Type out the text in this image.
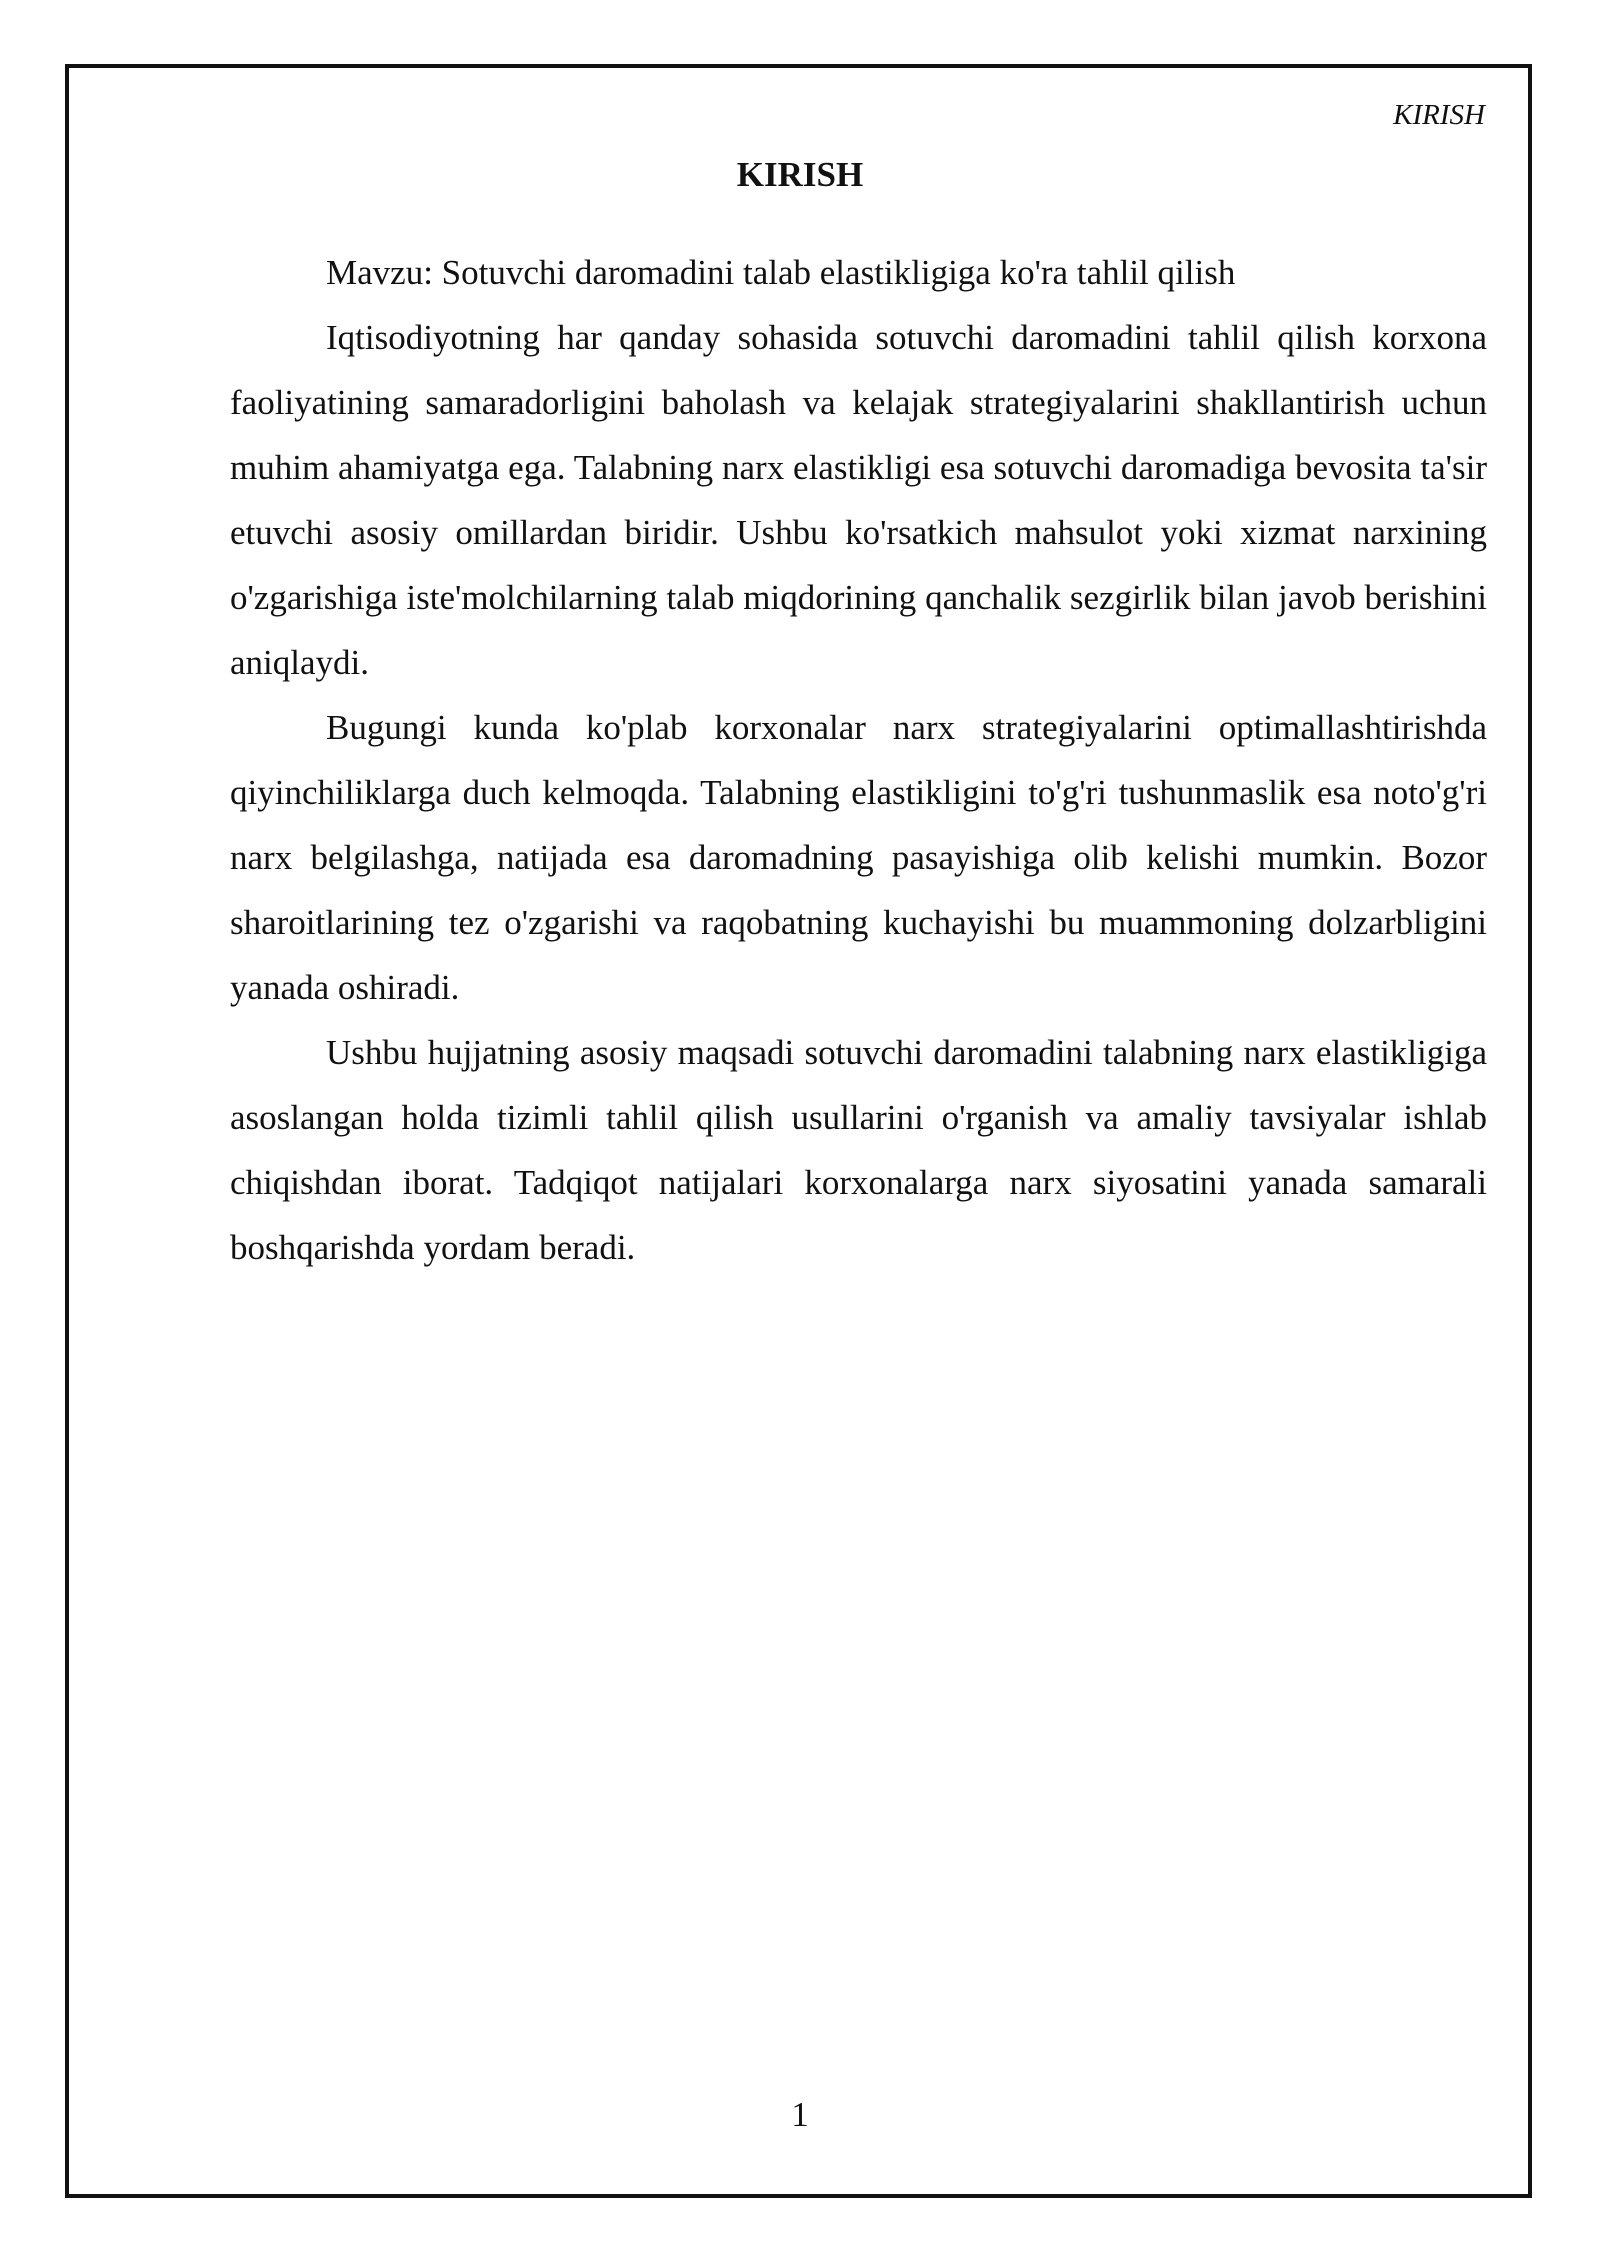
KIRISH
KIRISH

Mavzu: Sotuvchi daromadini talab elastikligiga ko'ra tahlil qilish

Iqtisodiyotning har qanday sohasida sotuvchi daromadini tahlil qilish korxona faoliyatining samaradorligini baholash va kelajak strategiyalarini shakllantirish uchun muhim ahamiyatga ega. Talabning narx elastikligi esa sotuvchi daromadiga bevosita ta'sir etuvchi asosiy omillardan biridir. Ushbu ko'rsatkich mahsulot yoki xizmat narxining o'zgarishiga iste'molchilarning talab miqdorining qanchalik sezgirlik bilan javob berishini aniqlaydi.

Bugungi kunda ko'plab korxonalar narx strategiyalarini optimallashtirishda qiyinchiliklarga duch kelmoqda. Talabning elastikligini to'g'ri tushunmaslik esa noto'g'ri narx belgilashga, natijada esa daromadning pasayishiga olib kelishi mumkin. Bozor sharoitlarining tez o'zgarishi va raqobatning kuchayishi bu muammoning dolzarbligini yanada oshiradi.

Ushbu hujjatning asosiy maqsadi sotuvchi daromadini talabning narx elastikligiga asoslangan holda tizimli tahlil qilish usullarini o'rganish va amaliy tavsiyalar ishlab chiqishdan iborat. Tadqiqot natijalari korxonalarga narx siyosatini yanada samarali boshqarishda yordam beradi.

1
